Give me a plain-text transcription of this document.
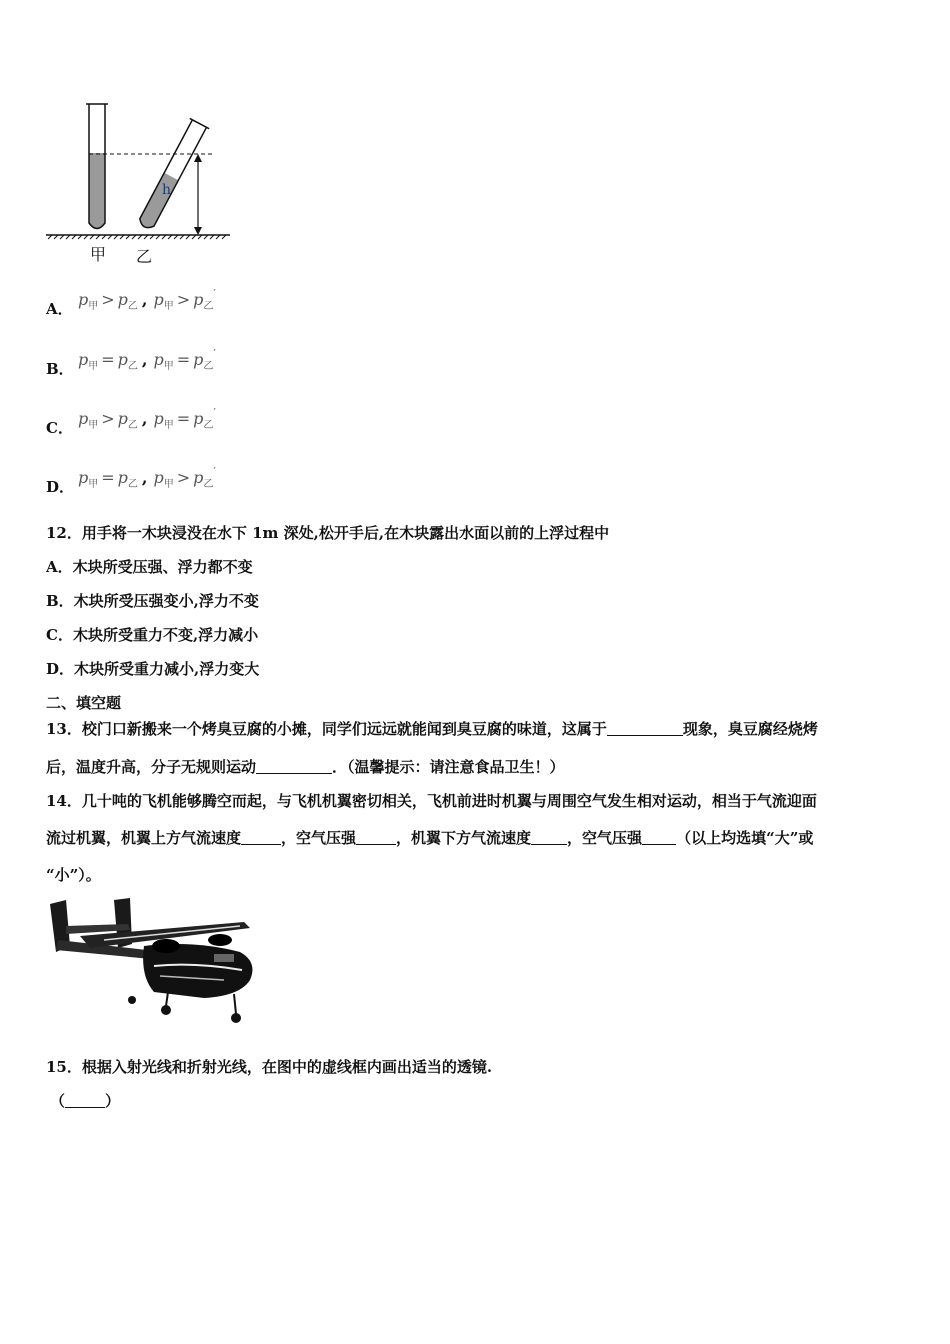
h
甲 乙
A． $p_甲 > p_乙$ , $p_甲 > p_乙'$
B． $p_甲 = p_乙$ , $p_甲 = p_乙'$
C． $p_甲 > p_乙$ , $p_甲 = p_乙'$
D． $p_甲 = p_乙$ , $p_甲 > p_乙'$
12．用手将一木块浸没在水下 1m 深处,松开手后,在木块露出水面以前的上浮过程中
A．木块所受压强、浮力都不变
B．木块所受压强变小,浮力不变
C．木块所受重力不变,浮力减小
D．木块所受重力减小,浮力变大
二、填空题
13．校门口新搬来一个烤臭豆腐的小摊，同学们远远就能闻到臭豆腐的味道，这属于	现象，臭豆腐经烧烤
后，温度升高，分子无规则运动	．（温馨提示：请注意食品卫生！）
14．几十吨的飞机能够腾空而起，与飞机机翼密切相关，飞机前进时机翼与周围空气发生相对运动，相当于气流迎面
流过机翼，机翼上方气流速度	，空气压强	，机翼下方气流速度 ，空气压强 （以上均选填“大”或
“小”）。
15．根据入射光线和折射光线，在图中的虚线框内画出适当的透镜.
（	）
